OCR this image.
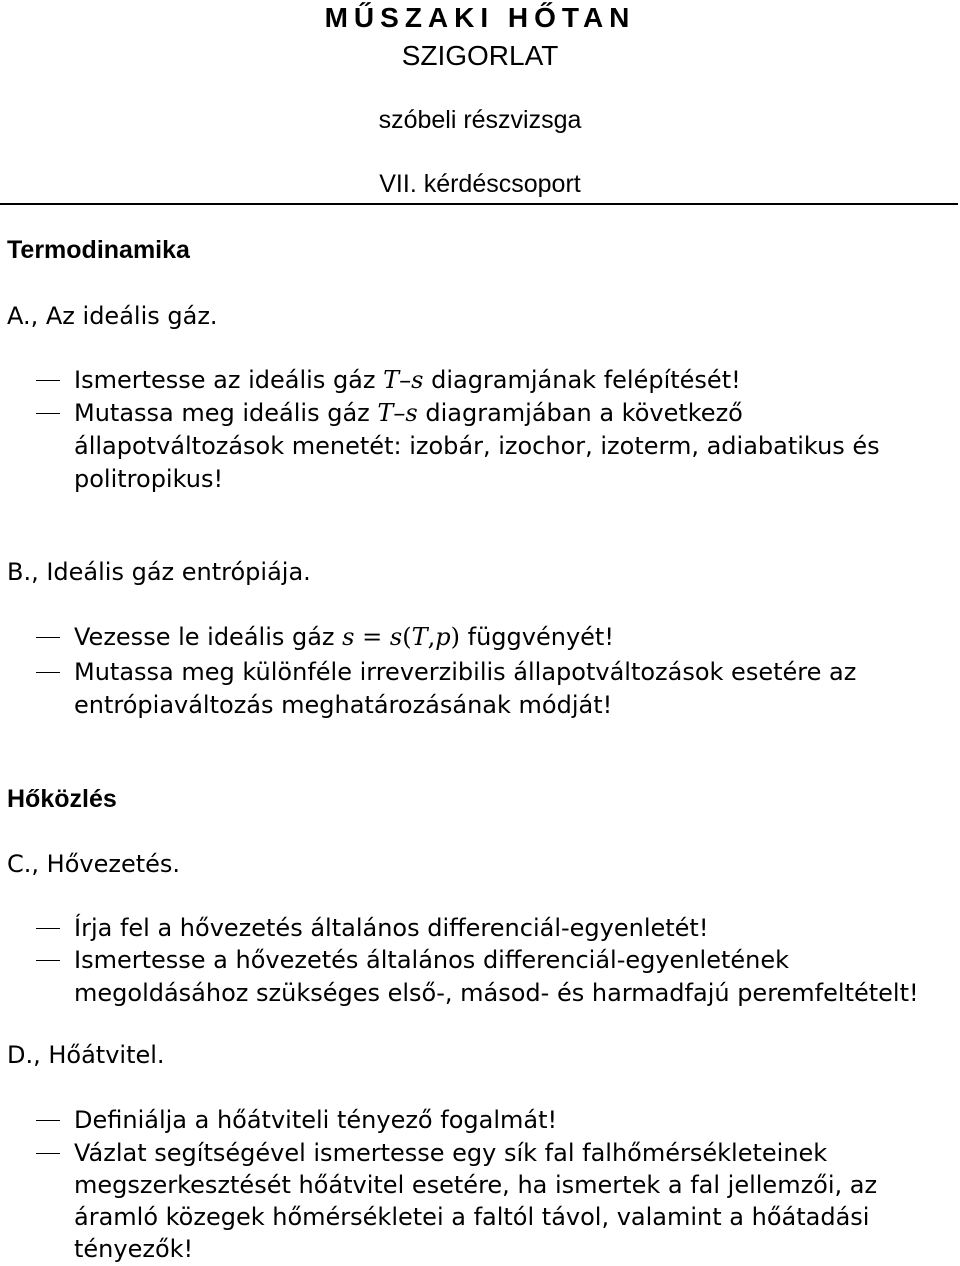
MŰSZAKI HŐTAN
SZIGORLAT
szóbeli részvizsga
VII. kérdéscsoport
Termodinamika
A., Az ideális gáz.
Ismertesse az ideális gáz T–s diagramjának felépítését!
Mutassa meg ideális gáz T–s diagramjában a következő
állapotváltozások menetét: izobár, izochor, izoterm, adiabatikus és
politropikus!
B., Ideális gáz entrópiája.
Vezesse le ideális gáz s = s(T,p) függvényét!
Mutassa meg különféle irreverzibilis állapotváltozások esetére az
entrópiaváltozás meghatározásának módját!
Hőközlés
C., Hővezetés.
Írja fel a hővezetés általános differenciál-egyenletét!
Ismertesse a hővezetés általános differenciál-egyenletének
megoldásához szükséges első-, másod- és harmadfajú peremfeltételt!
D., Hőátvitel.
Definiálja a hőátviteli tényező fogalmát!
Vázlat segítségével ismertesse egy sík fal falhőmérsékleteinek
megszerkesztését hőátvitel esetére, ha ismertek a fal jellemzői, az
áramló közegek hőmérsékletei a faltól távol, valamint a hőátadási
tényezők!
